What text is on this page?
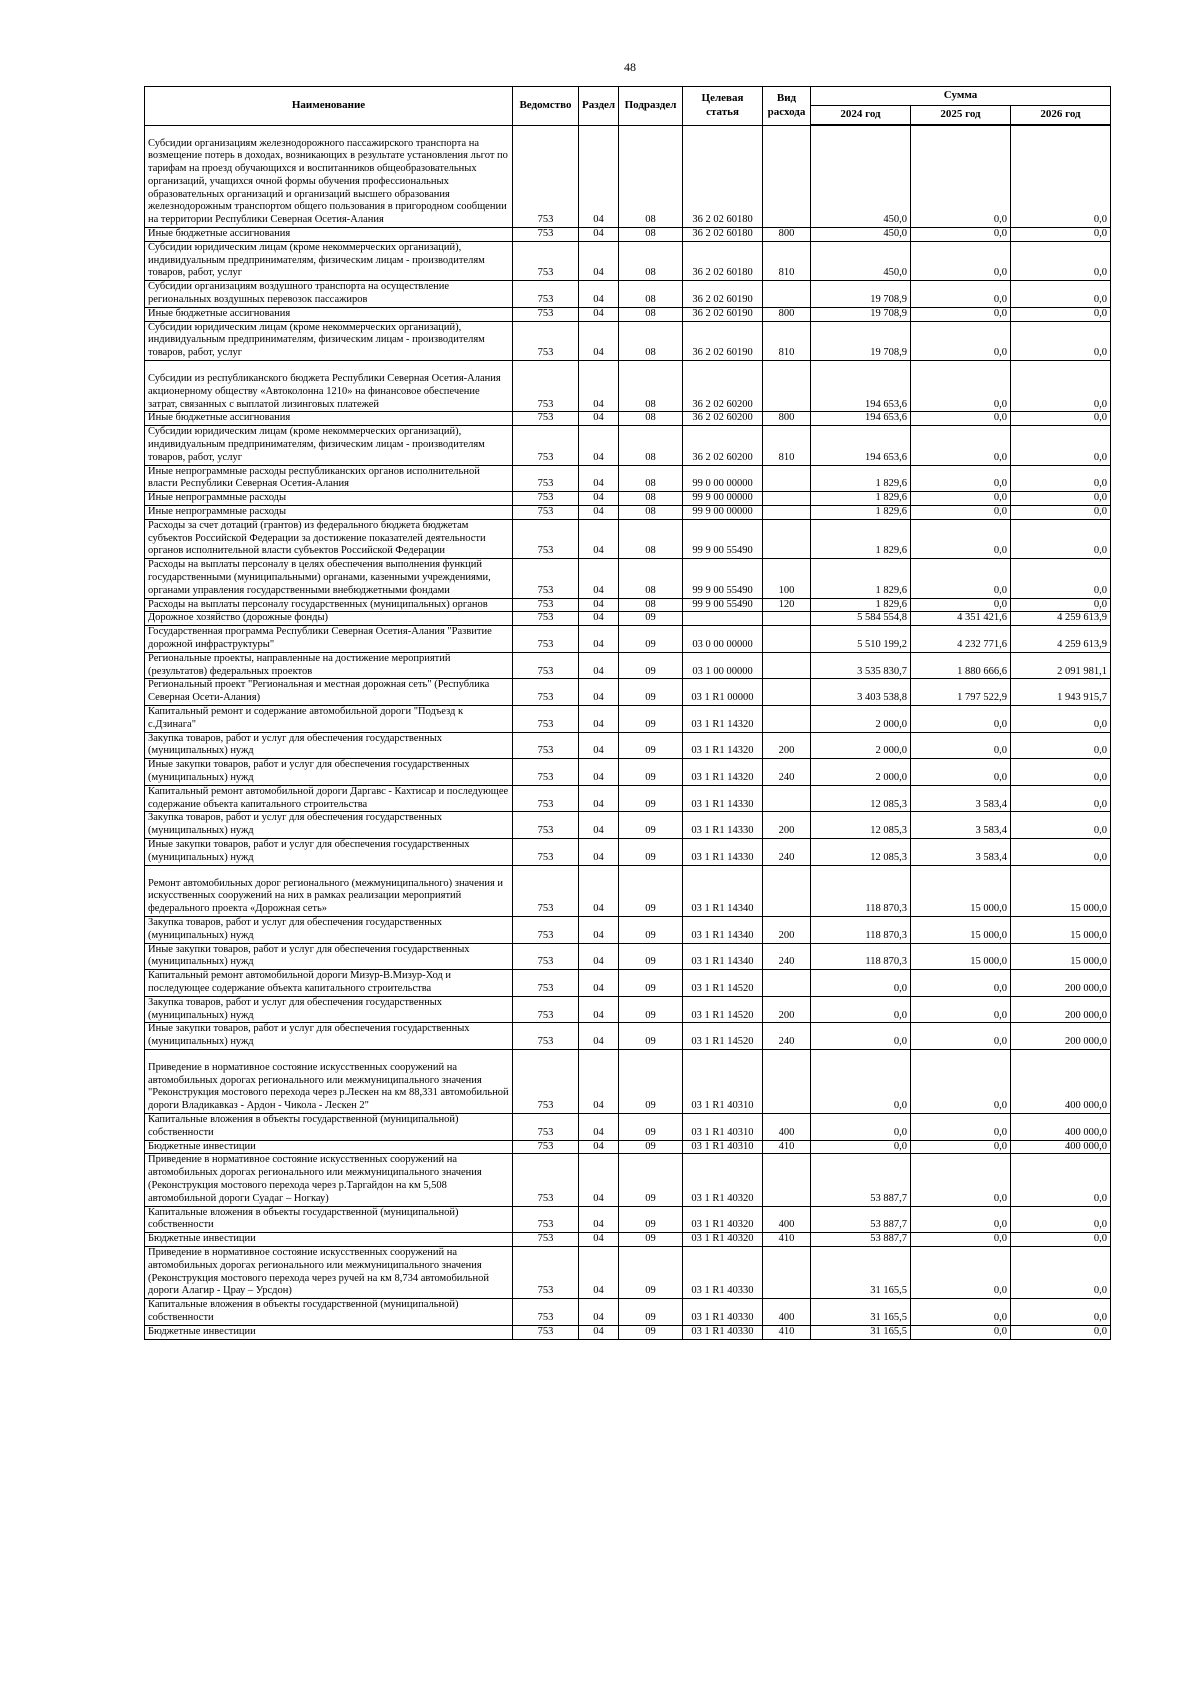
48
Наименование	Ведомство	Раздел	Подраздел	Целевая статья	Вид расхода	Сумма		
						2024 год	2025 год	2026 год
Субсидии организациям железнодорожного пассажирского транспорта на возмещение потерь в доходах, возникающих в результате установления льгот по тарифам на проезд обучающихся и воспитанников общеобразовательных организаций, учащихся очной формы обучения профессиональных образовательных организаций и организаций высшего образования железнодорожным транспортом общего пользования в пригородном сообщении на территории Республики Северная Осетия-Алания	753	04	08	36 2 02 60180		450,0	0,0	0,0
Иные бюджетные ассигнования	753	04	08	36 2 02 60180	800	450,0	0,0	0,0
Субсидии юридическим лицам (кроме некоммерческих организаций), индивидуальным предпринимателям, физическим лицам - производителям товаров, работ, услуг	753	04	08	36 2 02 60180	810	450,0	0,0	0,0
Субсидии организациям воздушного транспорта на осуществление региональных воздушных перевозок пассажиров	753	04	08	36 2 02 60190		19 708,9	0,0	0,0
Иные бюджетные ассигнования	753	04	08	36 2 02 60190	800	19 708,9	0,0	0,0
Субсидии юридическим лицам (кроме некоммерческих организаций), индивидуальным предпринимателям, физическим лицам - производителям товаров, работ, услуг	753	04	08	36 2 02 60190	810	19 708,9	0,0	0,0
Субсидии из республиканского бюджета Республики Северная Осетия-Алания акционерному обществу «Автоколонна 1210» на финансовое обеспечение затрат, связанных с выплатой лизинговых платежей	753	04	08	36 2 02 60200		194 653,6	0,0	0,0
Иные бюджетные ассигнования	753	04	08	36 2 02 60200	800	194 653,6	0,0	0,0
Субсидии юридическим лицам (кроме некоммерческих организаций), индивидуальным предпринимателям, физическим лицам - производителям товаров, работ, услуг	753	04	08	36 2 02 60200	810	194 653,6	0,0	0,0
Иные непрограммные расходы республиканских органов исполнительной власти Республики Северная Осетия-Алания	753	04	08	99 0 00 00000		1 829,6	0,0	0,0
Иные непрограммные расходы	753	04	08	99 9 00 00000		1 829,6	0,0	0,0
Иные непрограммные расходы	753	04	08	99 9 00 00000		1 829,6	0,0	0,0
Расходы за счет дотаций (грантов) из федерального бюджета бюджетам субъектов Российской Федерации за достижение показателей деятельности органов исполнительной власти субъектов Российской Федерации	753	04	08	99 9 00 55490		1 829,6	0,0	0,0
Расходы на выплаты персоналу в целях обеспечения выполнения функций государственными (муниципальными) органами, казенными учреждениями, органами управления государственными внебюджетными фондами	753	04	08	99 9 00 55490	100	1 829,6	0,0	0,0
Расходы на выплаты персоналу государственных (муниципальных) органов	753	04	08	99 9 00 55490	120	1 829,6	0,0	0,0
Дорожное хозяйство (дорожные фонды)	753	04	09			5 584 554,8	4 351 421,6	4 259 613,9
Государственная программа Республики Северная Осетия-Алания "Развитие дорожной инфраструктуры"	753	04	09	03 0 00 00000		5 510 199,2	4 232 771,6	4 259 613,9
Региональные проекты, направленные на достижение мероприятий (результатов) федеральных проектов	753	04	09	03 1 00 00000		3 535 830,7	1 880 666,6	2 091 981,1
Региональный проект "Региональная и местная дорожная сеть" (Республика Северная Осети-Алания)	753	04	09	03 1 R1 00000		3 403 538,8	1 797 522,9	1 943 915,7
Капитальный ремонт и содержание автомобильной дороги "Подъезд к с.Дзинага"	753	04	09	03 1 R1 14320		2 000,0	0,0	0,0
Закупка товаров, работ и услуг для обеспечения государственных (муниципальных) нужд	753	04	09	03 1 R1 14320	200	2 000,0	0,0	0,0
Иные закупки товаров, работ и услуг для обеспечения государственных (муниципальных) нужд	753	04	09	03 1 R1 14320	240	2 000,0	0,0	0,0
Капитальный ремонт автомобильной дороги Даргавс - Кахтисар и последующее содержание объекта капитального строительства	753	04	09	03 1 R1 14330		12 085,3	3 583,4	0,0
Закупка товаров, работ и услуг для обеспечения государственных (муниципальных) нужд	753	04	09	03 1 R1 14330	200	12 085,3	3 583,4	0,0
Иные закупки товаров, работ и услуг для обеспечения государственных (муниципальных) нужд	753	04	09	03 1 R1 14330	240	12 085,3	3 583,4	0,0
Ремонт автомобильных дорог регионального (межмуниципального) значения и искусственных сооружений на них в рамках реализации мероприятий федерального проекта «Дорожная сеть»	753	04	09	03 1 R1 14340		118 870,3	15 000,0	15 000,0
Закупка товаров, работ и услуг для обеспечения государственных (муниципальных) нужд	753	04	09	03 1 R1 14340	200	118 870,3	15 000,0	15 000,0
Иные закупки товаров, работ и услуг для обеспечения государственных (муниципальных) нужд	753	04	09	03 1 R1 14340	240	118 870,3	15 000,0	15 000,0
Капитальный ремонт автомобильной дороги Мизур-В.Мизур-Ход и последующее содержание объекта капитального строительства	753	04	09	03 1 R1 14520		0,0	0,0	200 000,0
Закупка товаров, работ и услуг для обеспечения государственных (муниципальных) нужд	753	04	09	03 1 R1 14520	200	0,0	0,0	200 000,0
Иные закупки товаров, работ и услуг для обеспечения государственных (муниципальных) нужд	753	04	09	03 1 R1 14520	240	0,0	0,0	200 000,0
Приведение в нормативное состояние искусственных сооружений на автомобильных дорогах регионального или межмуниципального значения "Реконструкция мостового перехода через р.Лескен на км 88,331 автомобильной дороги Владикавказ - Ардон - Чикола - Лескен 2"	753	04	09	03 1 R1 40310		0,0	0,0	400 000,0
Капитальные вложения в объекты государственной (муниципальной) собственности	753	04	09	03 1 R1 40310	400	0,0	0,0	400 000,0
Бюджетные инвестиции	753	04	09	03 1 R1 40310	410	0,0	0,0	400 000,0
Приведение в нормативное состояние искусственных сооружений на автомобильных дорогах регионального или межмуниципального значения (Реконструкция мостового перехода через р.Таргайдон на км 5,508 автомобильной дороги Суадаг – Ногкау)	753	04	09	03 1 R1 40320		53 887,7	0,0	0,0
Капитальные вложения в объекты государственной (муниципальной) собственности	753	04	09	03 1 R1 40320	400	53 887,7	0,0	0,0
Бюджетные инвестиции	753	04	09	03 1 R1 40320	410	53 887,7	0,0	0,0
Приведение в нормативное состояние искусственных сооружений на автомобильных дорогах регионального или межмуниципального значения (Реконструкция мостового перехода через ручей на км 8,734 автомобильной дороги Алагир - Црау – Урсдон)	753	04	09	03 1 R1 40330		31 165,5	0,0	0,0
Капитальные вложения в объекты государственной (муниципальной) собственности	753	04	09	03 1 R1 40330	400	31 165,5	0,0	0,0
Бюджетные инвестиции	753	04	09	03 1 R1 40330	410	31 165,5	0,0	0,0
